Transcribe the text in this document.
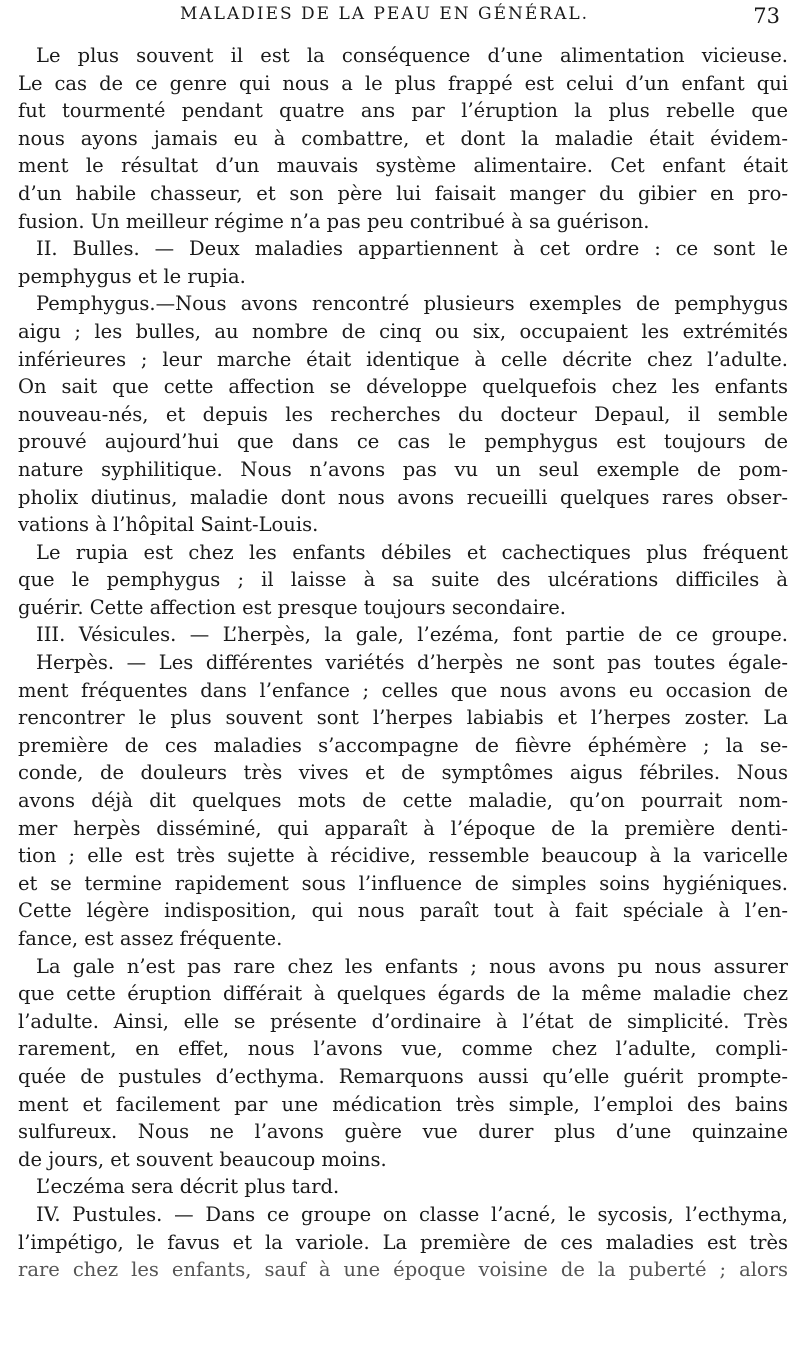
MALADIES DE LA PEAU EN GÉNÉRAL.	73
Le plus souvent il est la conséquence d’une alimentation vicieuse.
Le cas de ce genre qui nous a le plus frappé est celui d’un enfant qui
fut tourmenté pendant quatre ans par l’éruption la plus rebelle que
nous ayons jamais eu à combattre, et dont la maladie était évidem-
ment le résultat d’un mauvais système alimentaire. Cet enfant était
d’un habile chasseur, et son père lui faisait manger du gibier en pro-
fusion. Un meilleur régime n’a pas peu contribué à sa guérison.
II. Bulles. — Deux maladies appartiennent à cet ordre : ce sont le
pemphygus et le rupia.
Pemphygus.—Nous avons rencontré plusieurs exemples de pemphygus
aigu ; les bulles, au nombre de cinq ou six, occupaient les extrémités
inférieures ; leur marche était identique à celle décrite chez l’adulte.
On sait que cette affection se développe quelquefois chez les enfants
nouveau-nés, et depuis les recherches du docteur Depaul, il semble
prouvé aujourd’hui que dans ce cas le pemphygus est toujours de
nature syphilitique. Nous n’avons pas vu un seul exemple de pom-
pholix diutinus, maladie dont nous avons recueilli quelques rares obser-
vations à l’hôpital Saint-Louis.
Le rupia est chez les enfants débiles et cachectiques plus fréquent
que le pemphygus ; il laisse à sa suite des ulcérations difficiles à
guérir. Cette affection est presque toujours secondaire.
III. Vésicules. — L’herpès, la gale, l’ezéma, font partie de ce groupe.
Herpès. — Les différentes variétés d’herpès ne sont pas toutes égale-
ment fréquentes dans l’enfance ; celles que nous avons eu occasion de
rencontrer le plus souvent sont l’herpes labiabis et l’herpes zoster. La
première de ces maladies s’accompagne de fièvre éphémère ; la se-
conde, de douleurs très vives et de symptômes aigus fébriles. Nous
avons déjà dit quelques mots de cette maladie, qu’on pourrait nom-
mer herpès disséminé, qui apparaît à l’époque de la première denti-
tion ; elle est très sujette à récidive, ressemble beaucoup à la varicelle
et se termine rapidement sous l’influence de simples soins hygiéniques.
Cette légère indisposition, qui nous paraît tout à fait spéciale à l’en-
fance, est assez fréquente.
La gale n’est pas rare chez les enfants ; nous avons pu nous assurer
que cette éruption différait à quelques égards de la même maladie chez
l’adulte. Ainsi, elle se présente d’ordinaire à l’état de simplicité. Très
rarement, en effet, nous l’avons vue, comme chez l’adulte, compli-
quée de pustules d’ecthyma. Remarquons aussi qu’elle guérit prompte-
ment et facilement par une médication très simple, l’emploi des bains
sulfureux. Nous ne l’avons guère vue durer plus d’une quinzaine
de jours, et souvent beaucoup moins.
L’eczéma sera décrit plus tard.
IV. Pustules. — Dans ce groupe on classe l’acné, le sycosis, l’ecthyma,
l’impétigo, le favus et la variole. La première de ces maladies est très
rare chez les enfants, sauf à une époque voisine de la puberté ; alors
